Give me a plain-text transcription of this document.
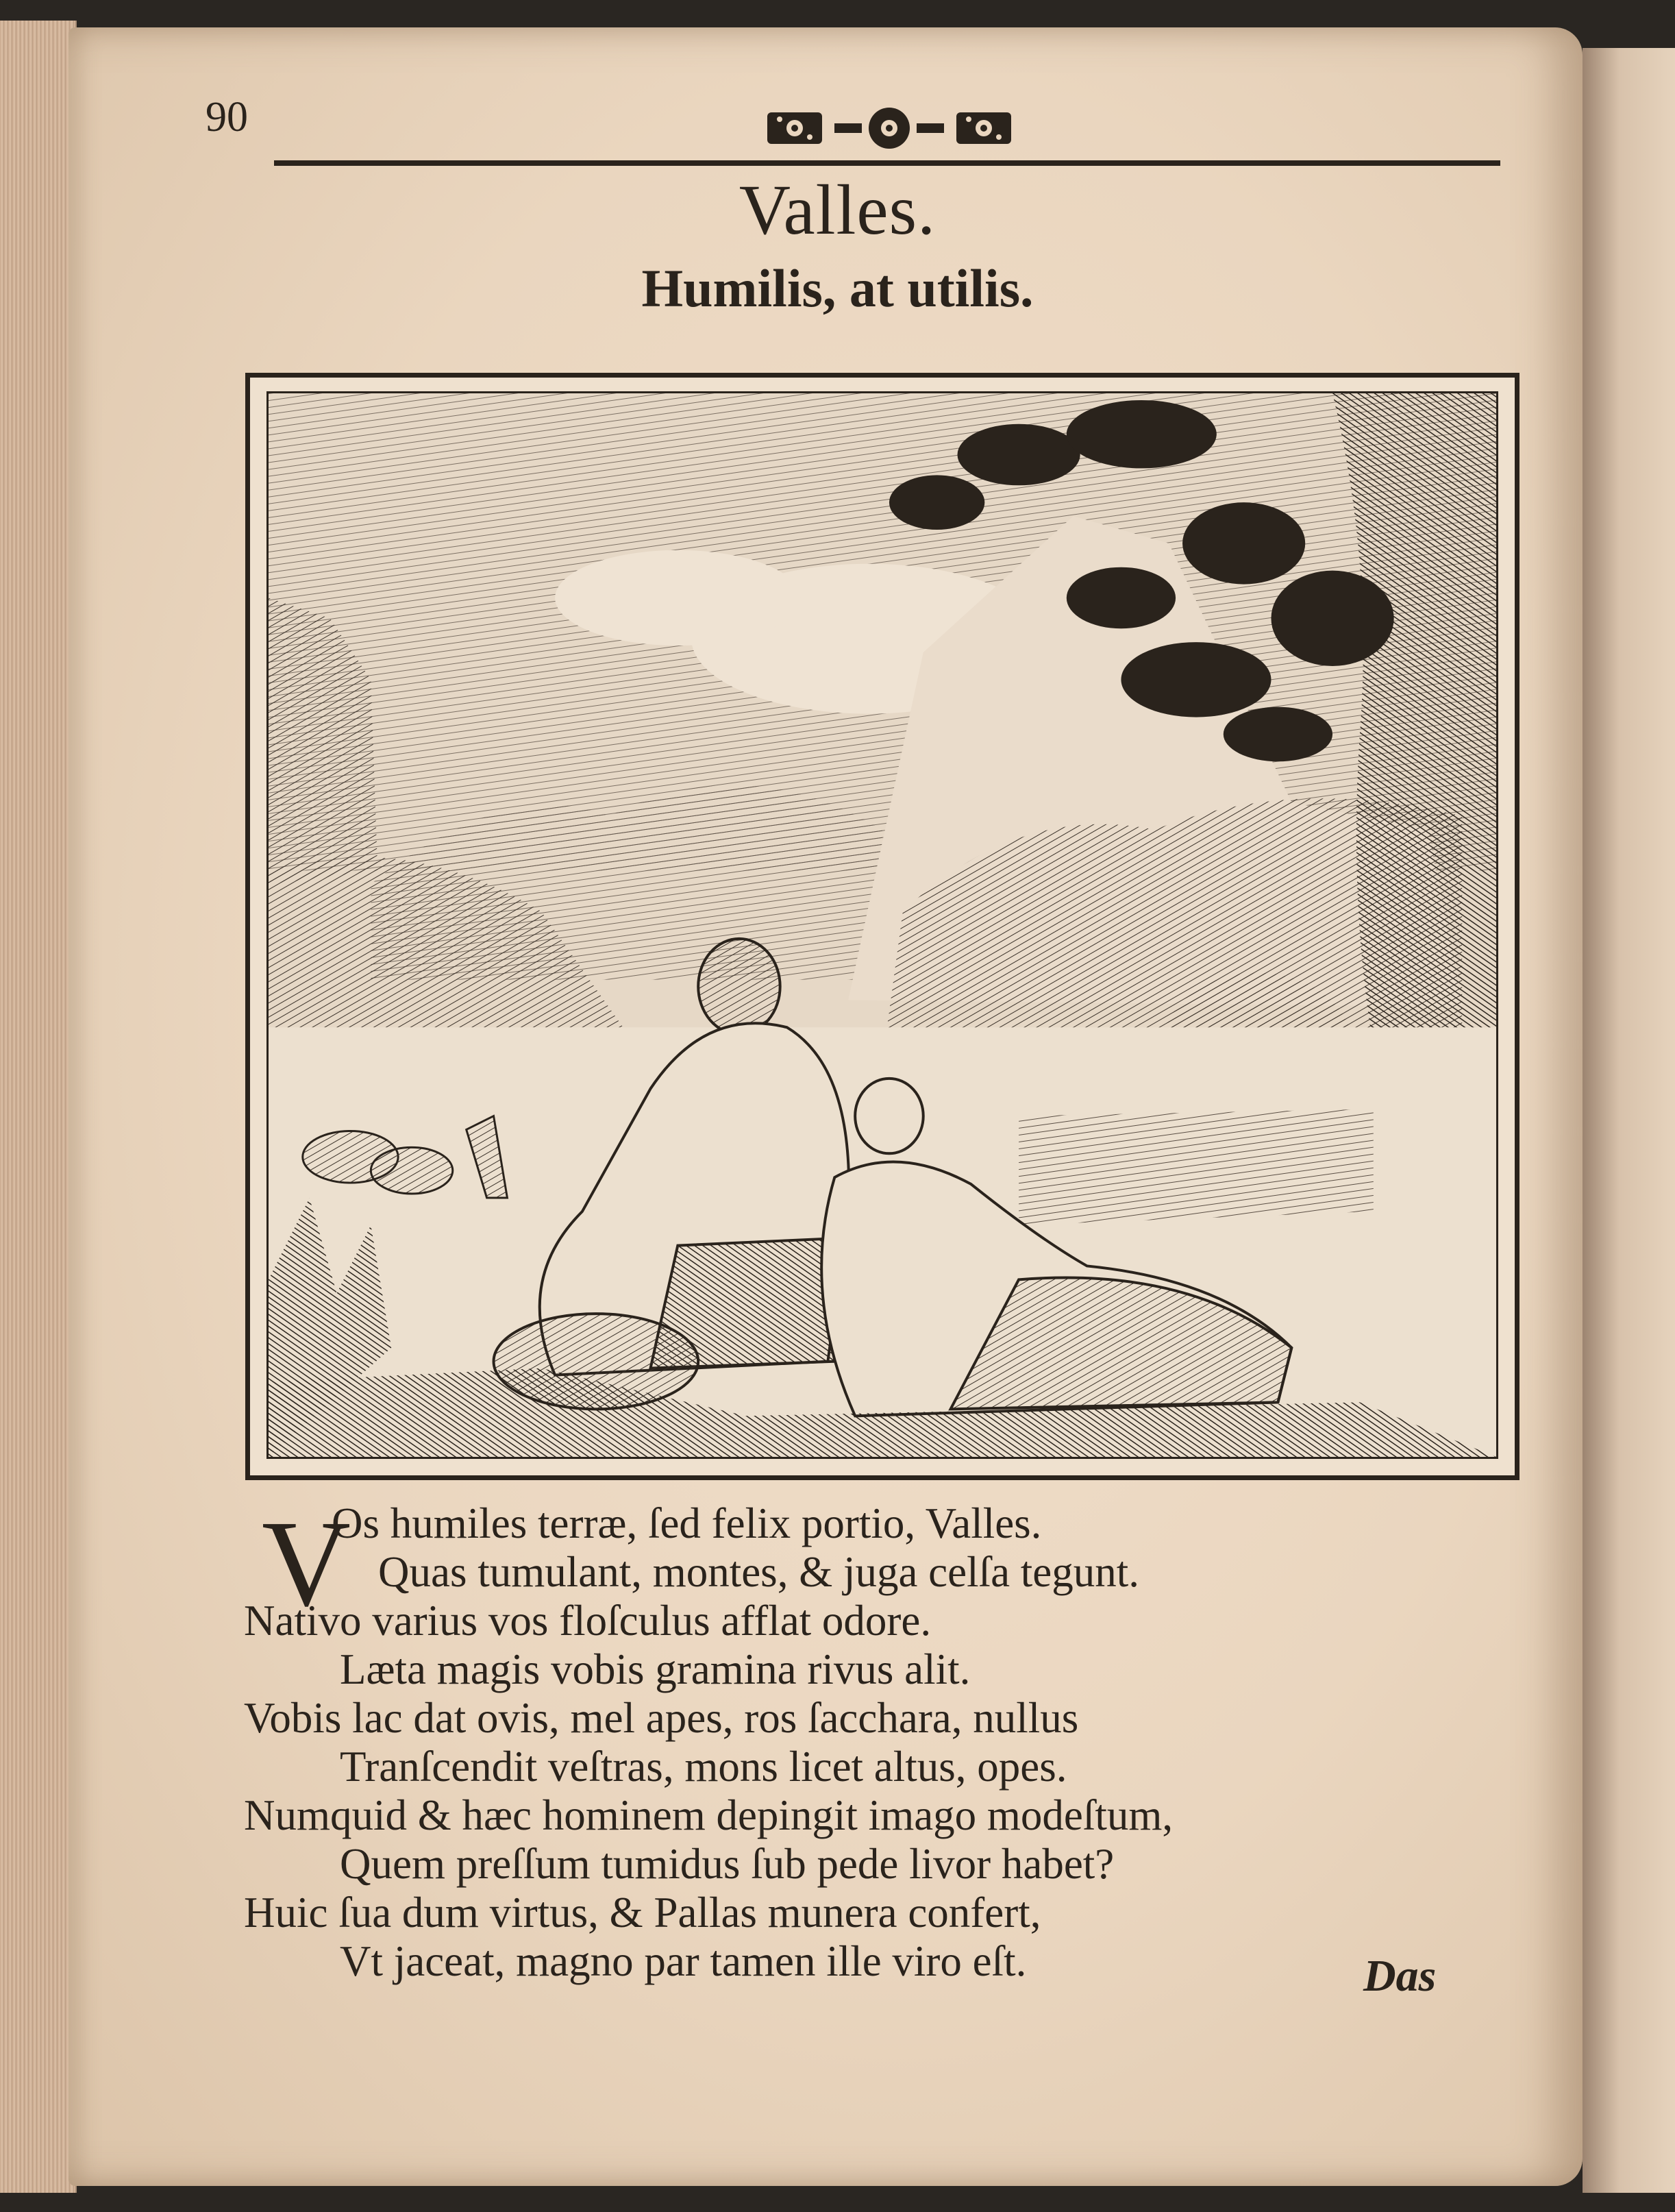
90
Valles.
Humilis, at utilis.
V
Os humiles terræ, ſed felix portio, Valles.
Quas tumulant, montes, & juga celſa tegunt.
Nativo varius vos floſculus afflat odore.
Læta magis vobis gramina rivus alit.
Vobis lac dat ovis, mel apes, ros ſacchara, nullus
Tranſcendit veſtras, mons licet altus, opes.
Numquid & hæc hominem depingit imago modeſtum,
Quem preſſum tumidus ſub pede livor habet?
Huic ſua dum virtus, & Pallas munera confert,
Vt jaceat, magno par tamen ille viro eſt.	Das
